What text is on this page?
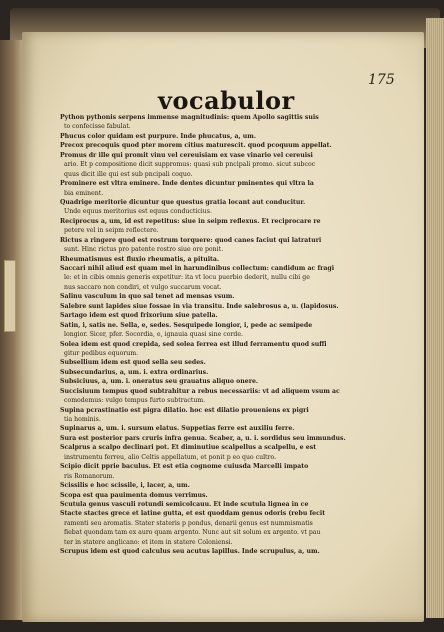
175
vocabulor
Python pythonis serpens immense magnitudinis: quem Apollo sagittis suis
to confecisse fabulat.
Phucus color quidam est purpure. Inde phucatus, a, um.
Precox precoquis quod pter morem citius maturescit. quod pcoquum appellat.
Promus dr ille qui promit vinu vel cereuisiam ex vase vinario vel cereuisi
ario. Et p compositione dicit suppromus: quasi sub pncipali promo. sicut subcoc
quus dicit ille qui est sub pncipali coquo.
Prominere est vltra eminere. Inde dentes dicuntur pminentes qui vltra la
bia eminent.
Quadrige meritorie dicuntur que questus gratia locant aut conducitur.
Unde equus meritorius est equus conducticius.
Reciprocus a, um, id est repetitus: siue in seipm reflexus. Et reciprocare re
petere vel in seipm reflectere.
Rictus a ringere quod est rostrum torquere: quod canes faciut qui latraturi
sunt. Hinc rictus pro patente rostro siue ore ponit.
Rheumatismus est fluxio rheumatis, a pituita.
Saccari nihil aliud est quam mel in harundinibus collectum: candidum ac fragi
le: et in cibis omnis generis expetitur: ita vt locu puerbio dederit, nullu cibi ge
nus saccaro non condiri, et vulgo succarum vocat.
Salinu vasculum in quo sal tenet ad mensas vsum.
Salebre sunt lapides siue fossae in via transitu. Inde salebrosus a, u. (lapidosus.
Sartago idem est quod frixorium siue patella.
Satin, i, satis ne. Sella, e, sedes. Sesquipede longior, i, pede ac semipede
longior. Sicer, pfer. Socordia, e, ignauia quasi sine corde.
Solea idem est quod crepida, sed solea ferrea est illud ferramentu quod suffi
gitur pedibus equorum.
Subsellium idem est quod sella seu sedes.
Subsecundarius, a, um. i. extra ordinarius.
Subsiciuus, a, um. i. oneratus seu grauatus aliquo onere.
Succisiuum tempus quod subtrahitur a rebus necessariis: vt ad aliquem vsum ac
comodemus: vulgo tempus furto subtractum.
Supina pcrastinatio est pigra dilatio. hoc est dilatio proueniens ex pigri
tia hominis.
Supinarus a, um. i. sursum elatus. Suppetias ferre est auxiliu ferre.
Sura est posterior pars cruris infra genua. Scaber, a, u. i. sordidus seu immundus.
Scalprus a scalpo declinari pot. Et diminutiue scalpellus a scalpellu, e est
instrumentu ferreu, alio Celtis appellatum, et ponit p eo quo cultro.
Scipio dicit pprie baculus. Et est etia cognome cuiusda Marcelli impato
ris Romanorum.
Scissilis e hoc scissile, i, lacer, a, um.
Scopa est qua pauimenta domus verrimus.
Scutula genus vasculi rotundi semicolcauu. Et inde scutula lignea in ce
Stacte stactes grece et latine gutta, et est quoddam genus odoris (rebu fecit
ramenti seu aromatis. Stater stateris p pondus, denarii genus est nummismatis
fiebat quondam tam ex auro quam argento. Nunc aut sit solum ex argento. vt pau
ter in statere anglicano: et item in statere Coloniensi.
Scrupus idem est quod calculus seu acutus lapillus. Inde scrupulus, a, um.
